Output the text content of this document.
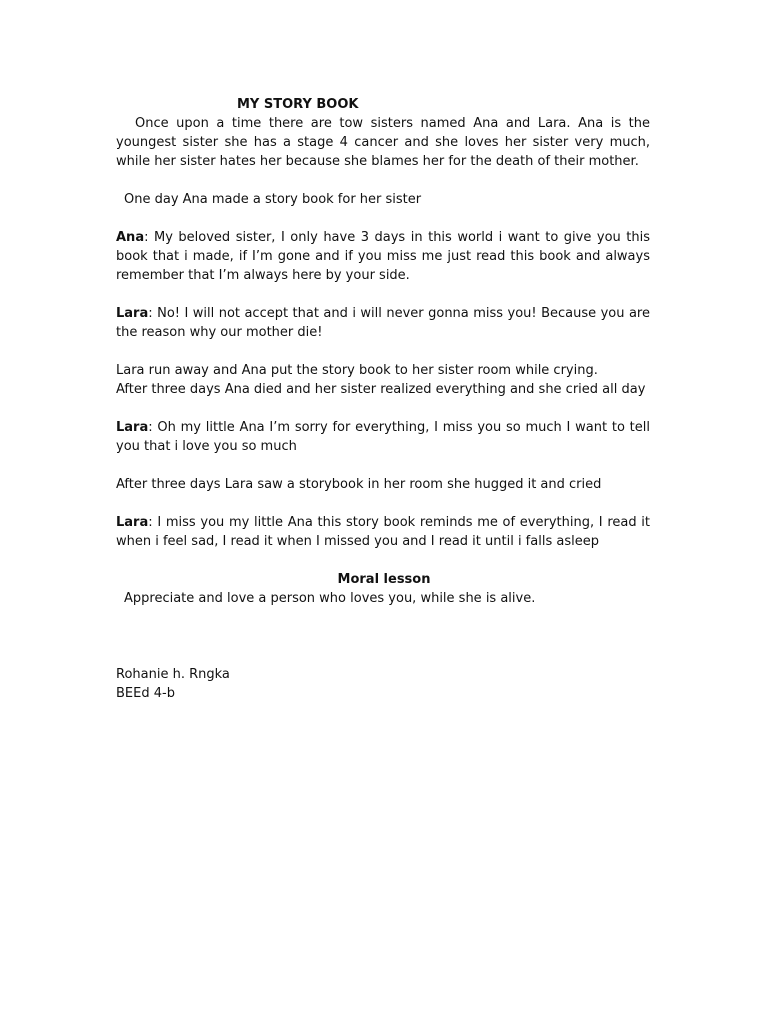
MY STORY BOOK

Once upon a time there are tow sisters named Ana and Lara. Ana is the youngest sister she has a stage 4 cancer and she loves her sister very much, while her sister hates her because she blames her for the death of their mother.

One day Ana made a story book for her sister

Ana: My beloved sister, I only have 3 days in this world i want to give you this book that i made, if I’m gone and if you miss me just read this book and always remember that I’m always here by your side.

Lara: No! I will not accept that and i will never gonna miss you! Because you are the reason why our mother die!

Lara run away and Ana put the story book to her sister room while crying.

After three days Ana died and her sister realized everything and she cried all day

Lara: Oh my little Ana I’m sorry for everything, I miss you so much I want to tell you that i love you so much

After three days Lara saw a storybook in her room she hugged it and cried

Lara: I miss you my little Ana this story book reminds me of everything, I read it when i feel sad, I read it when I missed you and I read it until i falls asleep

Moral lesson

Appreciate and love a person who loves you, while she is alive.

Rohanie h. Rngka

BEEd 4-b
